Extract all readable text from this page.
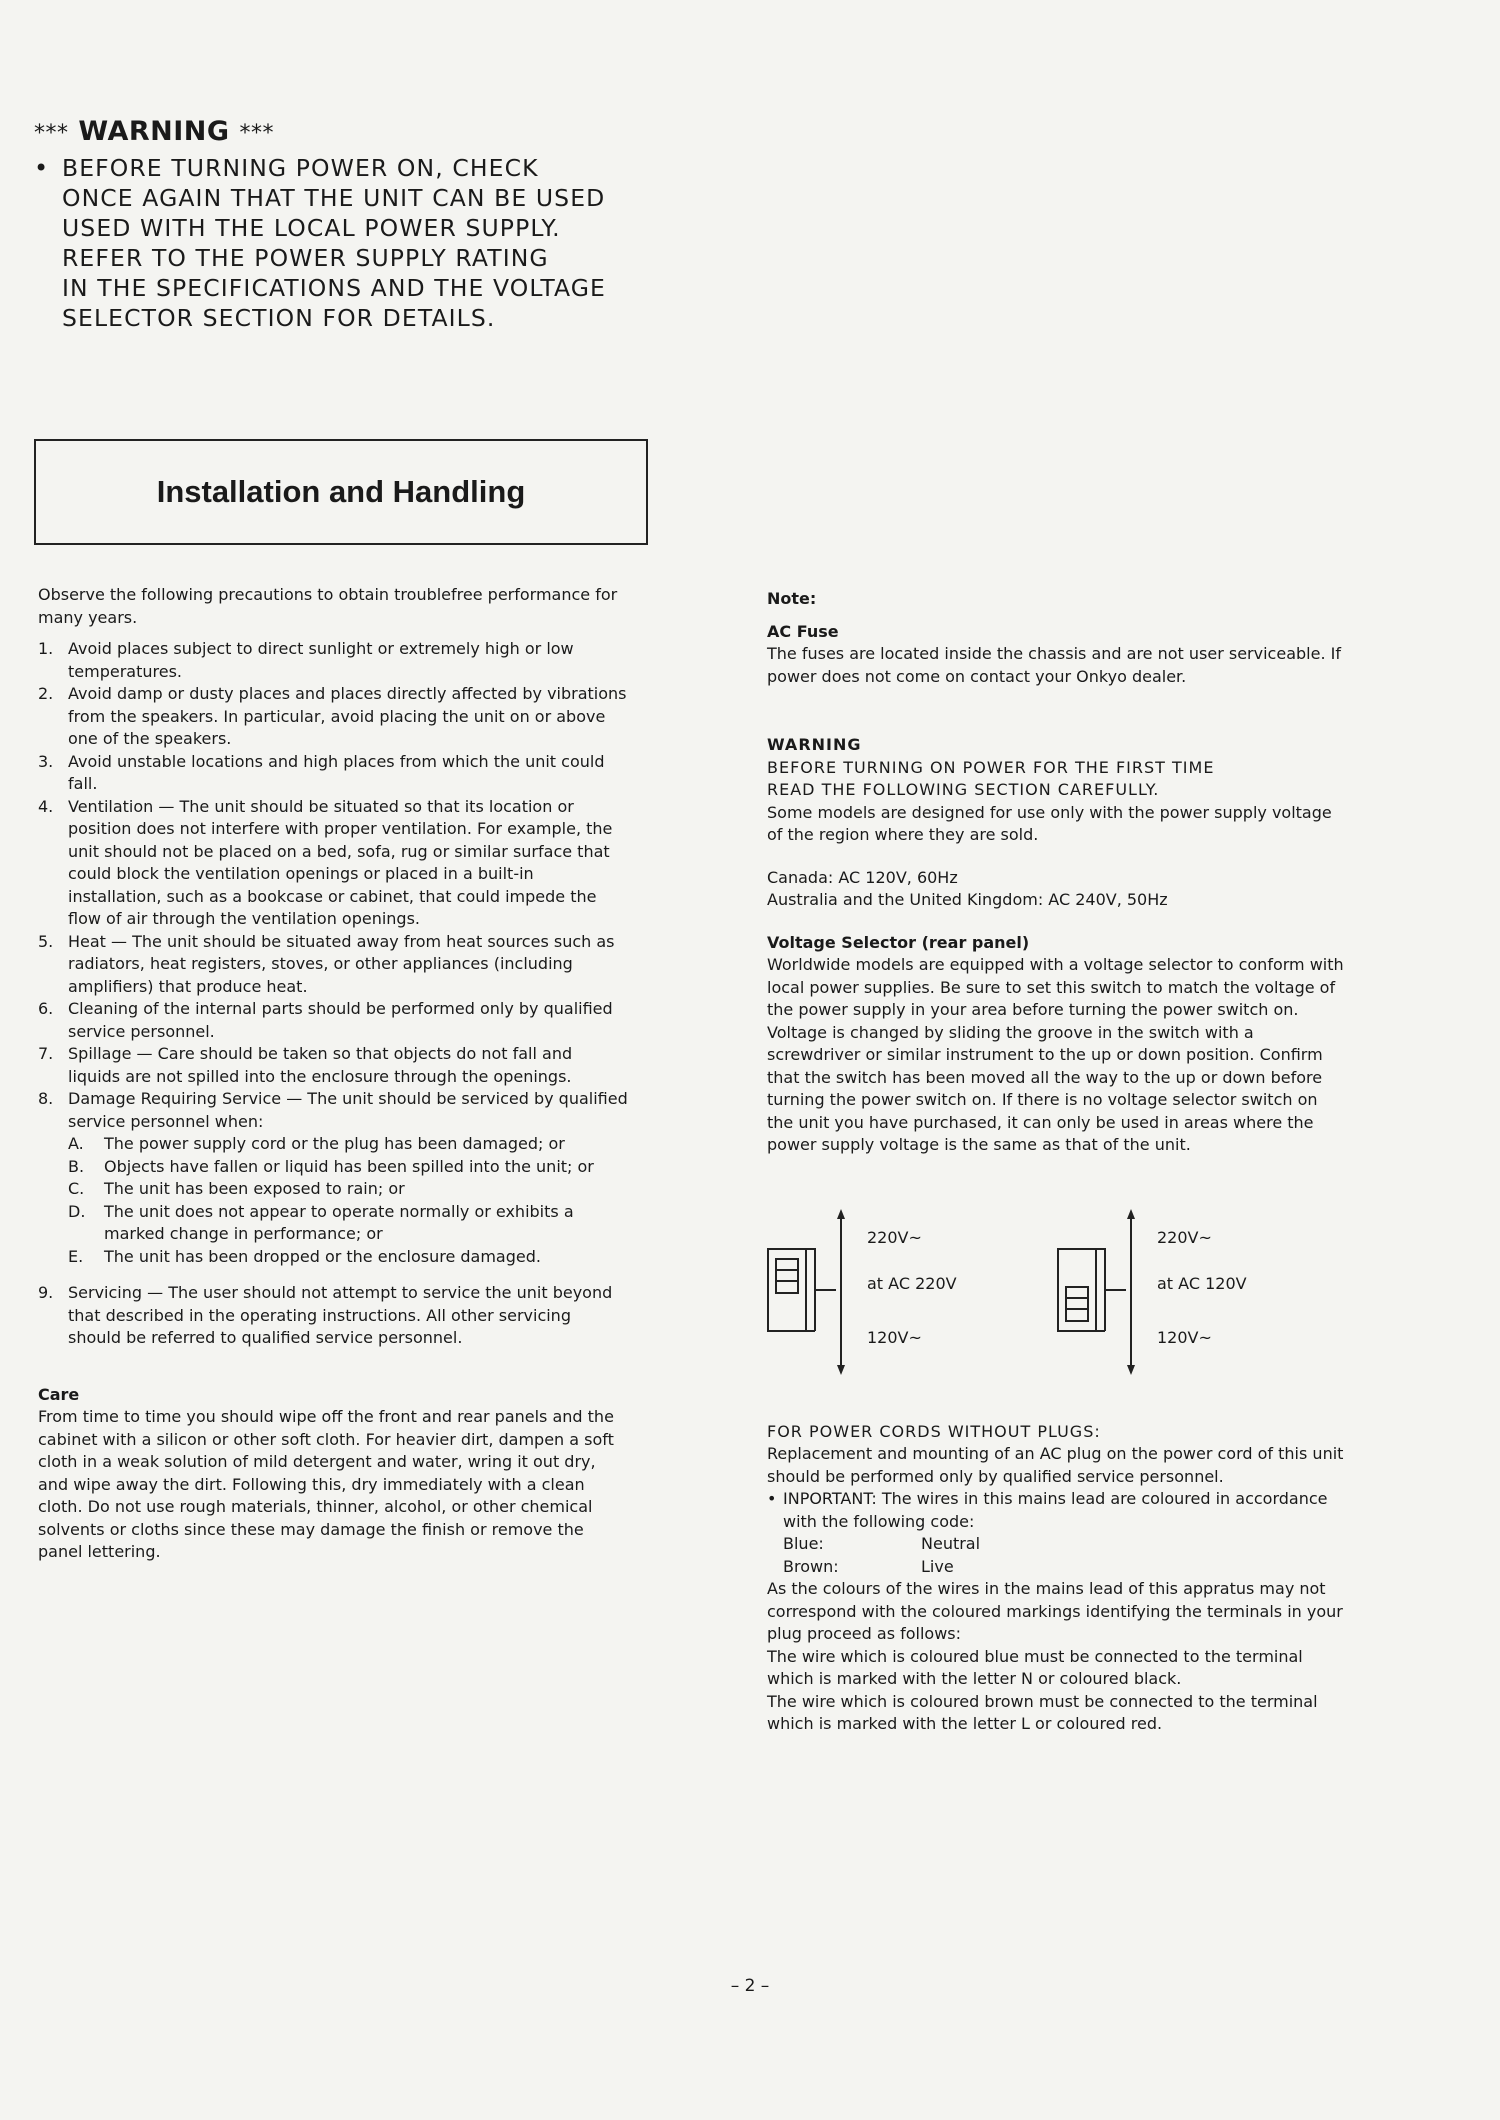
*** WARNING ***
• BEFORE TURNING POWER ON, CHECK
ONCE AGAIN THAT THE UNIT CAN BE USED
USED WITH THE LOCAL POWER SUPPLY.
REFER TO THE POWER SUPPLY RATING
IN THE SPECIFICATIONS AND THE VOLTAGE
SELECTOR SECTION FOR DETAILS.
Installation and Handling

Observe the following precautions to obtain troublefree performance for many years.

1. Avoid places subject to direct sunlight or extremely high or low temperatures.
2. Avoid damp or dusty places and places directly affected by vibrations from the speakers. In particular, avoid placing the unit on or above one of the speakers.
3. Avoid unstable locations and high places from which the unit could fall.
4. Ventilation — The unit should be situated so that its location or position does not interfere with proper ventilation. For example, the unit should not be placed on a bed, sofa, rug or similar surface that could block the ventilation openings or placed in a built-in installation, such as a bookcase or cabinet, that could impede the flow of air through the ventilation openings.
5. Heat — The unit should be situated away from heat sources such as radiators, heat registers, stoves, or other appliances (including amplifiers) that produce heat.
6. Cleaning of the internal parts should be performed only by qualified service personnel.
7. Spillage — Care should be taken so that objects do not fall and liquids are not spilled into the enclosure through the openings.
8. Damage Requiring Service — The unit should be serviced by qualified service personnel when:
A.	The power supply cord or the plug has been damaged; or
B.	Objects have fallen or liquid has been spilled into the unit; or
C.	The unit has been exposed to rain; or
D.	The unit does not appear to operate normally or exhibits a marked change in performance; or
E.	The unit has been dropped or the enclosure damaged.
9. Servicing — The user should not attempt to service the unit beyond that described in the operating instructions. All other servicing should be referred to qualified service personnel.
Care
From time to time you should wipe off the front and rear panels and the cabinet with a silicon or other soft cloth. For heavier dirt, dampen a soft cloth in a weak solution of mild detergent and water, wring it out dry, and wipe away the dirt. Following this, dry immediately with a clean cloth. Do not use rough materials, thinner, alcohol, or other chemical solvents or cloths since these may damage the finish or remove the panel lettering.
Note:
AC Fuse
The fuses are located inside the chassis and are not user serviceable. If power does not come on contact your Onkyo dealer.
WARNING
BEFORE TURNING ON POWER FOR THE FIRST TIME
READ THE FOLLOWING SECTION CAREFULLY.
Some models are designed for use only with the power supply voltage of the region where they are sold.
Canada: AC 120V, 60Hz
Australia and the United Kingdom: AC 240V, 50Hz
Voltage Selector (rear panel)
Worldwide models are equipped with a voltage selector to conform with local power supplies. Be sure to set this switch to match the voltage of the power supply in your area before turning the power switch on. Voltage is changed by sliding the groove in the switch with a screwdriver or similar instrument to the up or down position. Confirm that the switch has been moved all the way to the up or down before turning the power switch on. If there is no voltage selector switch on the unit you have purchased, it can only be used in areas where the power supply voltage is the same as that of the unit.
220V~
at AC 220V
120V~
220V~
at AC 120V
120V~
FOR POWER CORDS WITHOUT PLUGS:
Replacement and mounting of an AC plug on the power cord of this unit should be performed only by qualified service personnel.
• INPORTANT: The wires in this mains lead are coloured in accordance with the following code:
Blue:	Neutral
Brown:	Live
As the colours of the wires in the mains lead of this appratus may not correspond with the coloured markings identifying the terminals in your plug proceed as follows:
The wire which is coloured blue must be connected to the terminal which is marked with the letter N or coloured black.
The wire which is coloured brown must be connected to the terminal which is marked with the letter L or coloured red.
– 2 –
